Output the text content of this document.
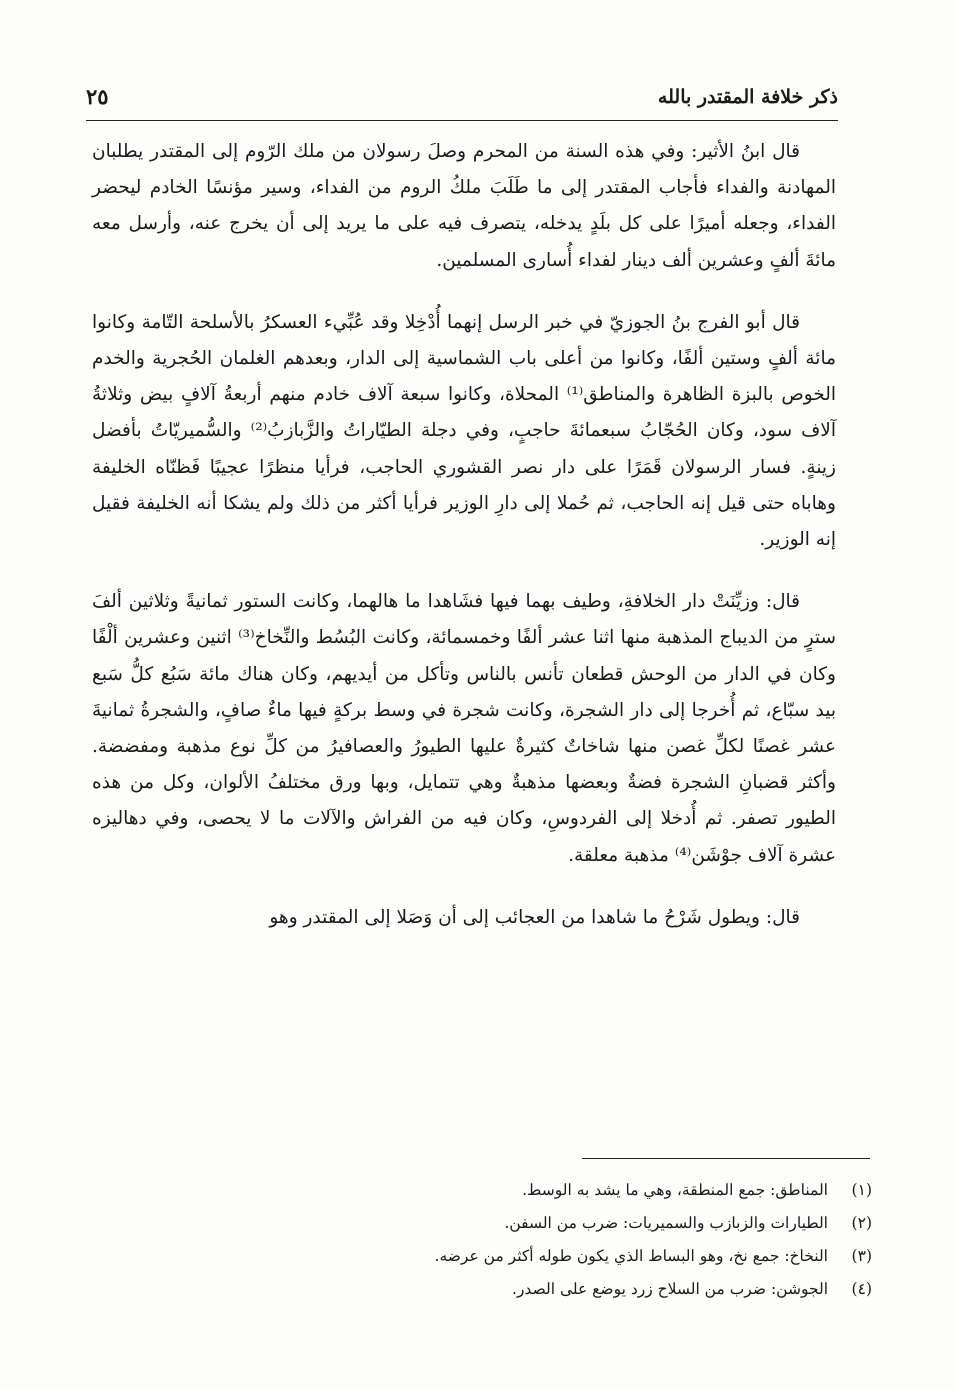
ذكر خلافة المقتدر بالله
٢٥

قال ابنُ الأثير: وفي هذه السنة من المحرم وصلَ رسولان من ملك الرّوم إلى المقتدر يطلبان المهادنة والفداء فأجاب المقتدر إلى ما طَلَبَ ملكُ الروم من الفداء، وسير مؤنسًا الخادم ليحضر الفداء، وجعله أميرًا على كل بلَدٍ يدخله، يتصرف فيه على ما يريد إلى أن يخرج عنه، وأرسل معه مائةَ ألفٍ وعشرين ألف دينار لفداء أُسارى المسلمين.

قال أبو الفرج بنُ الجوزيّ في خبر الرسل إنهما أُدْخِلا وقد عُبِّيء العسكرُ بالأسلحة التّامة وكانوا مائة ألفٍ وستين ألفًا، وكانوا من أعلى باب الشماسية إلى الدار، وبعدهم الغلمان الحُجرية والخدم الخوص بالبزة الظاهرة والمناطق⁽¹⁾ المحلاة، وكانوا سبعة آلاف خادم منهم أربعةُ آلافٍ بيض وثلاثةُ آلاف سود، وكان الحُجّابُ سبعمائةَ حاجبٍ، وفي دجلة الطيّاراتُ والزَّبازبُ⁽²⁾ والسُّميريّاتُ بأفضل زينةٍ. فسار الرسولان قَمَرًا على دار نصر القشوري الحاجب، فرأيا منظرًا عجيبًا فَظنّاه الخليفة وهاباه حتى قيل إنه الحاجب، ثم حُملا إلى دارِ الوزير فرأيا أكثر من ذلك ولم يشكا أنه الخليفة فقيل إنه الوزير.

قال: وزيِّنَتْ دار الخلافةِ، وطيف بهما فيها فشَاهدا ما هالهما، وكانت الستور ثمانيةً وثلاثين ألفَ سترٍ من الديباج المذهبة منها اثنا عشر ألفًا وخمسمائة، وكانت البُسُط والنِّخاخ⁽³⁾ اثنين وعشرين ألْفًا وكان في الدار من الوحش قطعان تأنس بالناس وتأكل من أيديهم، وكان هناك مائة سَبُع كلُّ سَبع بيد سبّاع، ثم أُخرجا إلى دار الشجرة، وكانت شجرة في وسط بركةٍ فيها ماءٌ صافٍ، والشجرةُ ثمانيةَ عشر غصنًا لكلِّ غصن منها شاخاتٌ كثيرةٌ عليها الطيورُ والعصافيرُ من كلِّ نوع مذهبة ومفضضة. وأكثر قضبانِ الشجرة فضةٌ وبعضها مذهبةٌ وهي تتمايل، وبها ورق مختلفُ الألوان، وكل من هذه الطيور تصفر. ثم أُدخلا إلى الفردوسِ، وكان فيه من الفراش والآلات ما لا يحصى، وفي دهاليزه عشرة آلاف جوْشَن⁽⁴⁾ مذهبة معلقة.

قال: ويطول شَرْحُ ما شاهدا من العجائب إلى أن وَصَلا إلى المقتدر وهو

(١)المناطق: جمع المنطقة، وهي ما يشد به الوسط.
(٢)الطيارات والزبازب والسميريات: ضرب من السفن.
(٣)النخاخ: جمع نخ، وهو البساط الذي يكون طوله أكثر من عرضه.
(٤)الجوشن: ضرب من السلاح زرد يوضع على الصدر.
